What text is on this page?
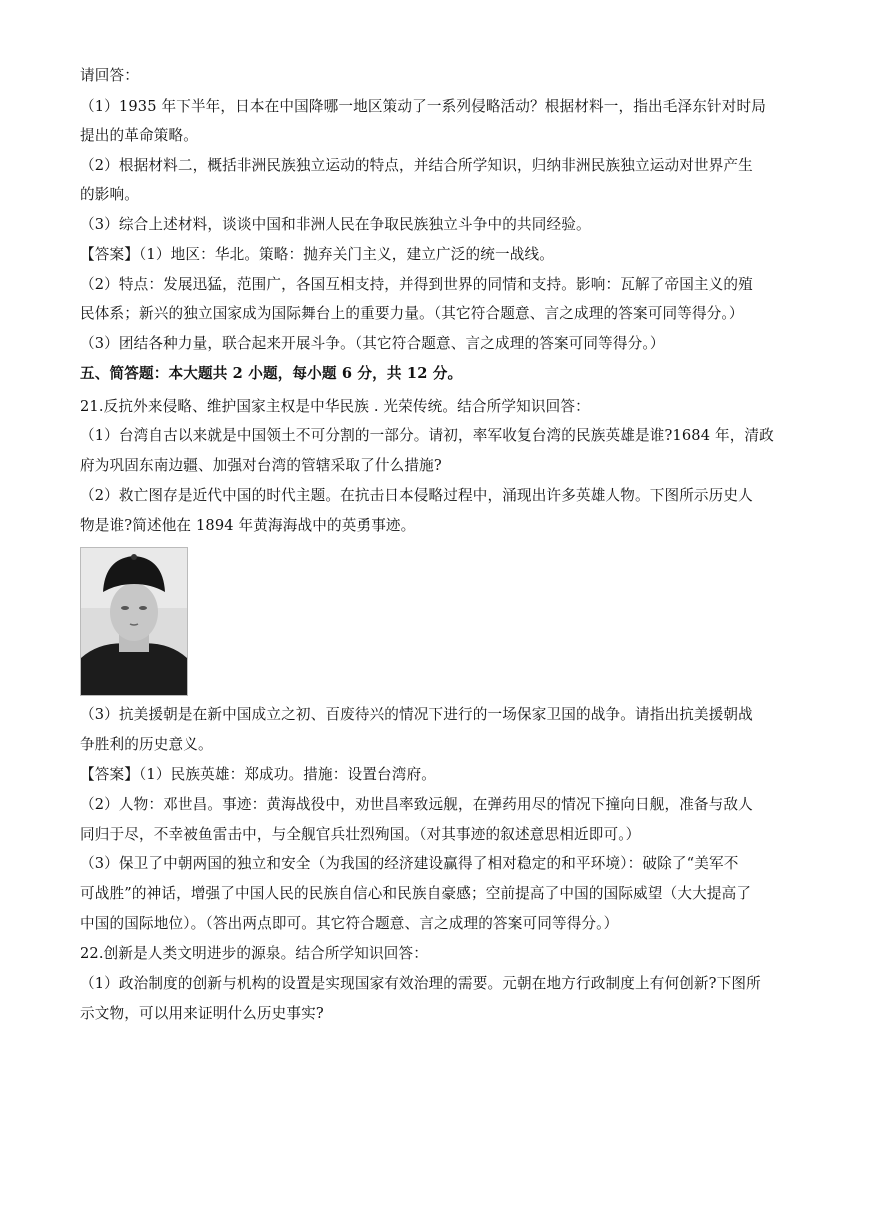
请回答：
（1）1935 年下半年，日本在中国降哪一地区策动了一系列侵略活动？根据材料一，指出毛泽东针对时局
提出的革命策略。
（2）根据材料二，概括非洲民族独立运动的特点，并结合所学知识，归纳非洲民族独立运动对世界产生
的影响。
（3）综合上述材料，谈谈中国和非洲人民在争取民族独立斗争中的共同经验。
【答案】（1）地区：华北。策略：抛弃关门主义，建立广泛的统一战线。
（2）特点：发展迅猛，范围广，各国互相支持，并得到世界的同情和支持。影响：瓦解了帝国主义的殖
民体系；新兴的独立国家成为国际舞台上的重要力量。（其它符合题意、言之成理的答案可同等得分。）
（3）团结各种力量，联合起来开展斗争。（其它符合题意、言之成理的答案可同等得分。）
五、简答题：本大题共 2 小题，每小题 6 分，共 12 分。
21.反抗外来侵略、维护国家主权是中华民族 . 光荣传统。结合所学知识回答：
（1）台湾自古以来就是中国领土不可分割的一部分。请初，率军收复台湾的民族英雄是谁?1684 年，清政
府为巩固东南边疆、加强对台湾的管辖采取了什么措施?
（2）救亡图存是近代中国的时代主题。在抗击日本侵略过程中，涌现出许多英雄人物。下图所示历史人
物是谁?简述他在 1894 年黄海海战中的英勇事迹。
（3）抗美援朝是在新中国成立之初、百废待兴的情况下进行的一场保家卫国的战争。请指出抗美援朝战
争胜利的历史意义。
【答案】（1）民族英雄：郑成功。措施：设置台湾府。
（2）人物：邓世昌。事迹：黄海战役中，劝世昌率致远舰，在弹药用尽的情况下撞向日舰，准备与敌人
同归于尽，不幸被鱼雷击中，与全舰官兵壮烈殉国。（对其事迹的叙述意思相近即可。）
（3）保卫了中朝两国的独立和安全（为我国的经济建设赢得了相对稳定的和平环境）：破除了“美军不
可战胜”的神话，增强了中国人民的民族自信心和民族自豪感；空前提高了中国的国际威望（大大提高了
中国的国际地位）。（答出两点即可。其它符合题意、言之成理的答案可同等得分。）
22.创新是人类文明进步的源泉。结合所学知识回答：
（1）政治制度的创新与机构的设置是实现国家有效治理的需要。元朝在地方行政制度上有何创新?下图所
示文物，可以用来证明什么历史事实?
